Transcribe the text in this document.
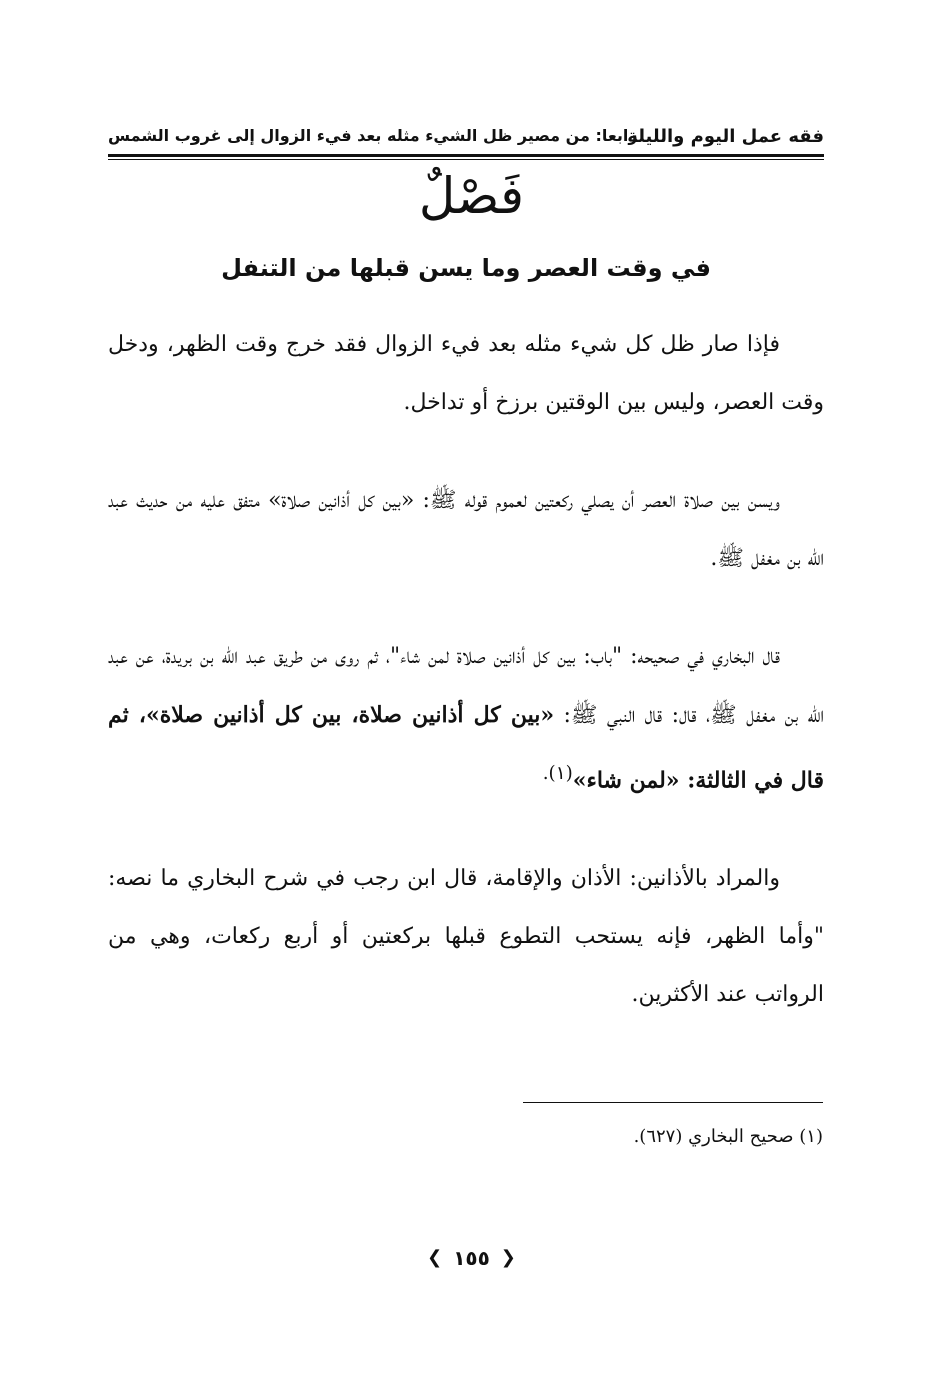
فقه عمل اليوم والليلة
رابعا: من مصير ظل الشيء مثله بعد فيء الزوال إلى غروب الشمس
فَصْلٌ
في وقت العصر وما يسن قبلها من التنفل

فإذا صار ظل كل شيء مثله بعد فيء الزوال فقد خرج وقت الظهر، ودخل وقت العصر، وليس بين الوقتين برزخ أو تداخل.

ويسن بين صلاة العصر أن يصلي ركعتين لعموم قوله ﷺ: «بين كل أذانين صلاة» متفق عليه من حديث عبد الله بن مغفل ﷺ.

قال البخاري في صحيحه: "باب: بين كل أذانين صلاة لمن شاء"، ثم روى من طريق عبد الله بن بريدة، عن عبد الله بن مغفل ﷺ، قال: قال النبي ﷺ: «بين كل أذانين صلاة، بين كل أذانين صلاة»، ثم قال في الثالثة: «لمن شاء»$^{(١).}$

والمراد بالأذانين: الأذان والإقامة، قال ابن رجب في شرح البخاري ما نصه: "وأما الظهر، فإنه يستحب التطوع قبلها بركعتين أو أربع ركعات، وهي من الرواتب عند الأكثرين.

(١) صحيح البخاري (٦٢٧).
❮ ١٥٥ ❯
